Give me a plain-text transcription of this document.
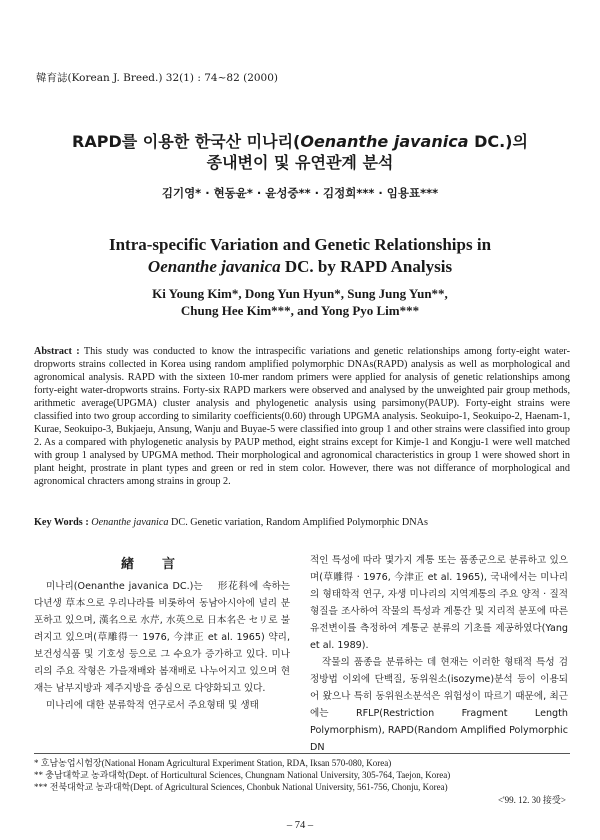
韓育誌(Korean J. Breed.) 32(1) : 74~82 (2000)
RAPD를 이용한 한국산 미나리(Oenanthe javanica DC.)의
종내변이 및 유연관계 분석
김기영* · 현동윤* · 윤성중** · 김정희*** · 임용표***
Intra-specific Variation and Genetic Relationships in
Oenanthe javanica DC. by RAPD Analysis
Ki Young Kim*, Dong Yun Hyun*, Sung Jung Yun**,
Chung Hee Kim***, and Yong Pyo Lim***
Abstract : This study was conducted to know the intraspecific variations and genetic relationships among forty-eight water-dropworts strains collected in Korea using random amplified polymorphic DNAs(RAPD) analysis as well as morphological and agronomical analysis. RAPD with the sixteen 10-mer random primers were applied for analysis of genetic relationships among forty-eight water-dropworts strains. Forty-six RAPD markers were observed and analysed by the unweighted pair group methods, arithmetic average(UPGMA) cluster analysis and phylogenetic analysis using parsimony(PAUP). Forty-eight strains were classified into two group according to similarity coefficients(0.60) through UPGMA analysis. Seokuipo-1, Seokuipo-2, Haenam-1, Kurae, Seokuipo-3, Bukjaeju, Ansung, Wanju and Buyae-5 were classified into group 1 and other strains were classified into group 2. As a compared with phylogenetic analysis by PAUP method, eight strains except for Kimje-1 and Kongju-1 were well matched with group 1 analysed by UPGMA method. Their morphological and agronomical characteristics in group 1 were showed short in plant height, prostrate in plant types and green or red in stem color. However, there was not differance of morphological and agronomical chracters among strains in group 2.
Key Words : Oenanthe javanica DC. Genetic variation, Random Amplified Polymorphic DNAs
緖言
미나리(Oenanthe javanica DC.)는　 形花科에 속하는 다년생 草本으로 우리나라를 비롯하여 동남아시아에 널리 분포하고 있으며, 漢名으로 水芹, 水英으로 日本名은 セリ로 불려지고 있으며(草雕得一 1976, 今津正 et al. 1965) 약리, 보건성식품 및 기호성 등으로 그 수요가 증가하고 있다. 미나리의 주요 작형은 가을재배와 봄재배로 나누어지고 있으며 현재는 남부지방과 제주지방을 중심으로 다양화되고 있다.
미나리에 대한 분류학적 연구로서 주요형태 및 생태
적인 특성에 따라 몇가지 계통 또는 품종군으로 분류하고 있으며(草雕得 · 1976, 今津正 et al. 1965), 국내에서는 미나리의 형태학적 연구, 자생 미나리의 지역계통의 주요 양적 · 질적형질을 조사하여 작물의 특성과 계통간 및 지리적 분포에 따른 유전변이를 측정하여 계통군 분류의 기초를 제공하였다(Yang et al. 1989).
작물의 품종을 분류하는 데 현재는 이러한 형태적 특성 검정방법 이외에 단백질, 동위원소(isozyme)분석 등이 이용되어 왔으나 특히 동위원소분석은 위험성이 따르기 때문에, 최근에는 RFLP(Restriction Fragment Length Polymorphism), RAPD(Random Amplified Polymorphic DN
* 호남농업시험장(National Honam Agricultural Experiment Station, RDA, Iksan 570-080, Korea)
** 충남대학교 농과대학(Dept. of Horticultural Sciences, Chungnam National University, 305-764, Taejon, Korea)
*** 전북대학교 농과대학(Dept. of Agricultural Sciences, Chonbuk National University, 561-756, Chonju, Korea)
<'99. 12. 30 接受>
– 74 –
